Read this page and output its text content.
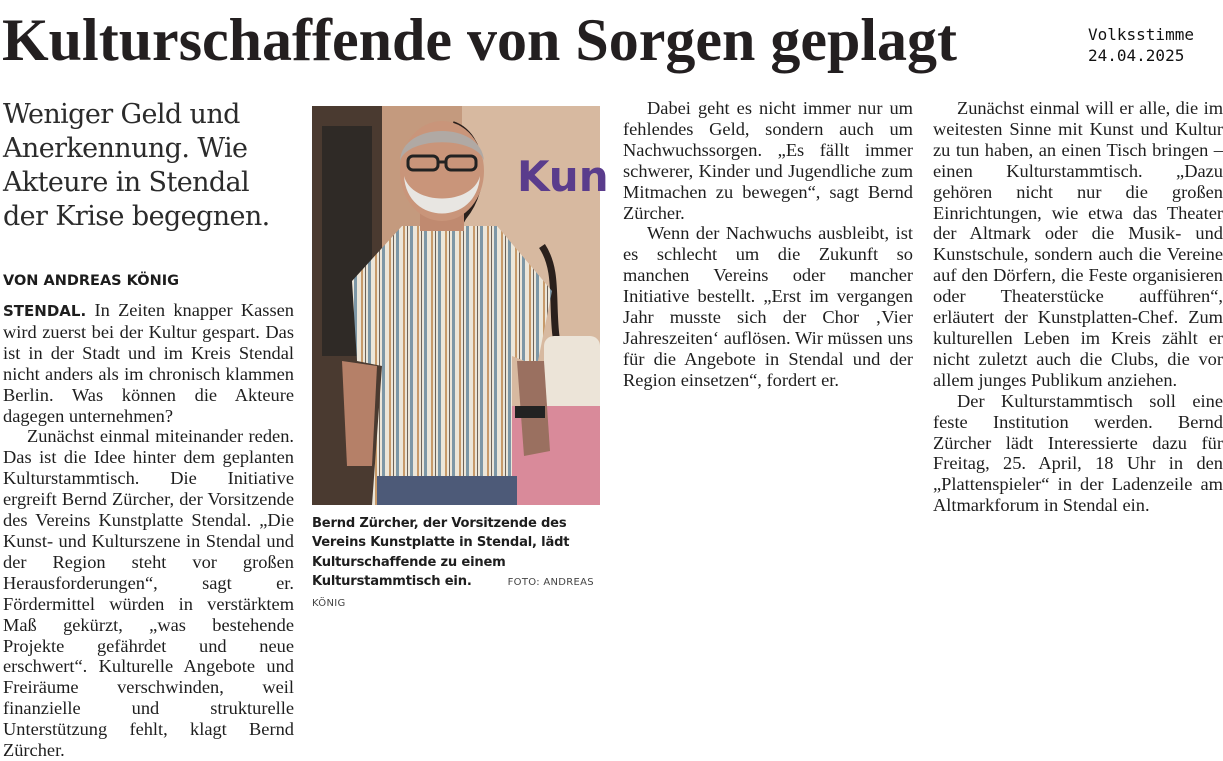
Kulturschaffende von Sorgen geplagt	Volksstimme
24.04.2025
Weniger Geld und Anerkennung. Wie Akteure in Stendal der Krise begegnen.
VON ANDREAS KÖNIG

STENDAL. In Zeiten knapper Kassen wird zuerst bei der Kultur gespart. Das ist in der Stadt und im Kreis Stendal nicht anders als im chronisch klammen Berlin. Was können die Akteure dagegen unternehmen?

Zunächst einmal miteinander reden. Das ist die Idee hinter dem geplanten Kulturstammtisch. Die Initiative ergreift Bernd Zürcher, der Vorsitzende des Vereins Kunstplatte Stendal. „Die Kunst- und Kulturszene in Stendal und der Region steht vor großen Herausforderungen“, sagt er. Fördermittel würden in verstärktem Maß gekürzt, „was bestehende Projekte gefährdet und neue erschwert“. Kulturelle Angebote und Freiräume verschwinden, weil finanzielle und strukturelle Unterstützung fehlt, klagt Bernd Zürcher.

Kun
Bernd Zürcher, der Vorsitzende des Vereins Kunstplatte in Stendal, lädt Kulturschaffende zu einem Kulturstammtisch ein.	FOTO: ANDREAS KÖNIG

Dabei geht es nicht immer nur um fehlendes Geld, sondern auch um Nachwuchssorgen. „Es fällt immer schwerer, Kinder und Jugendliche zum Mitmachen zu bewegen“, sagt Bernd Zürcher.

Wenn der Nachwuchs ausbleibt, ist es schlecht um die Zukunft so manchen Vereins oder mancher Initiative bestellt. „Erst im vergangen Jahr musste sich der Chor ‚Vier Jahreszeiten‘ auflösen. Wir müssen uns für die Angebote in Stendal und der Region einsetzen“, fordert er.

Zunächst einmal will er alle, die im weitesten Sinne mit Kunst und Kultur zu tun haben, an einen Tisch bringen – einen Kulturstammtisch. „Dazu gehören nicht nur die großen Einrichtungen, wie etwa das Theater der Altmark oder die Musik- und Kunstschule, sondern auch die Vereine auf den Dörfern, die Feste organisieren oder Theaterstücke aufführen“, erläutert der Kunstplatten-Chef. Zum kulturellen Leben im Kreis zählt er nicht zuletzt auch die Clubs, die vor allem junges Publikum anziehen.

Der Kulturstammtisch soll eine feste Institution werden. Bernd Zürcher lädt Interessierte dazu für Freitag, 25. April, 18 Uhr in den „Plattenspieler“ in der Ladenzeile am Altmarkforum in Stendal ein.
